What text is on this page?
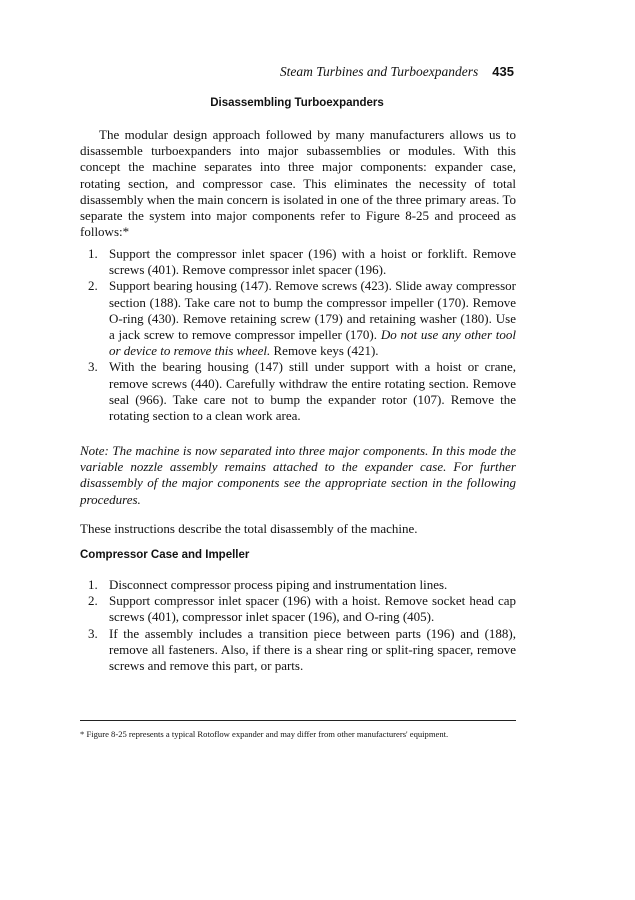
Steam Turbines and Turboexpanders 435
Disassembling Turboexpanders

The modular design approach followed by many manufacturers allows us to disassemble turboexpanders into major subassemblies or modules. With this concept the machine separates into three major components: expander case, rotating section, and compressor case. This eliminates the necessity of total disassembly when the main concern is isolated in one of the three primary areas. To separate the system into major components refer to Figure 8-25 and proceed as follows:*

1. Support the compressor inlet spacer (196) with a hoist or forklift. Remove screws (401). Remove compressor inlet spacer (196).
2. Support bearing housing (147). Remove screws (423). Slide away compressor section (188). Take care not to bump the compressor impeller (170). Remove O-ring (430). Remove retaining screw (179) and retaining washer (180). Use a jack screw to remove compressor impeller (170). Do not use any other tool or device to remove this wheel. Remove keys (421).
3. With the bearing housing (147) still under support with a hoist or crane, remove screws (440). Carefully withdraw the entire rotating section. Remove seal (966). Take care not to bump the expander rotor (107). Remove the rotating section to a clean work area.

Note: The machine is now separated into three major components. In this mode the variable nozzle assembly remains attached to the expander case. For further disassembly of the major components see the appropriate section in the following procedures.

These instructions describe the total disassembly of the machine.

Compressor Case and Impeller
1. Disconnect compressor process piping and instrumentation lines.
2. Support compressor inlet spacer (196) with a hoist. Remove socket head cap screws (401), compressor inlet spacer (196), and O-ring (405).
3. If the assembly includes a transition piece between parts (196) and (188), remove all fasteners. Also, if there is a shear ring or split-ring spacer, remove screws and remove this part, or parts.
* Figure 8-25 represents a typical Rotoflow expander and may differ from other manufacturers' equipment.
